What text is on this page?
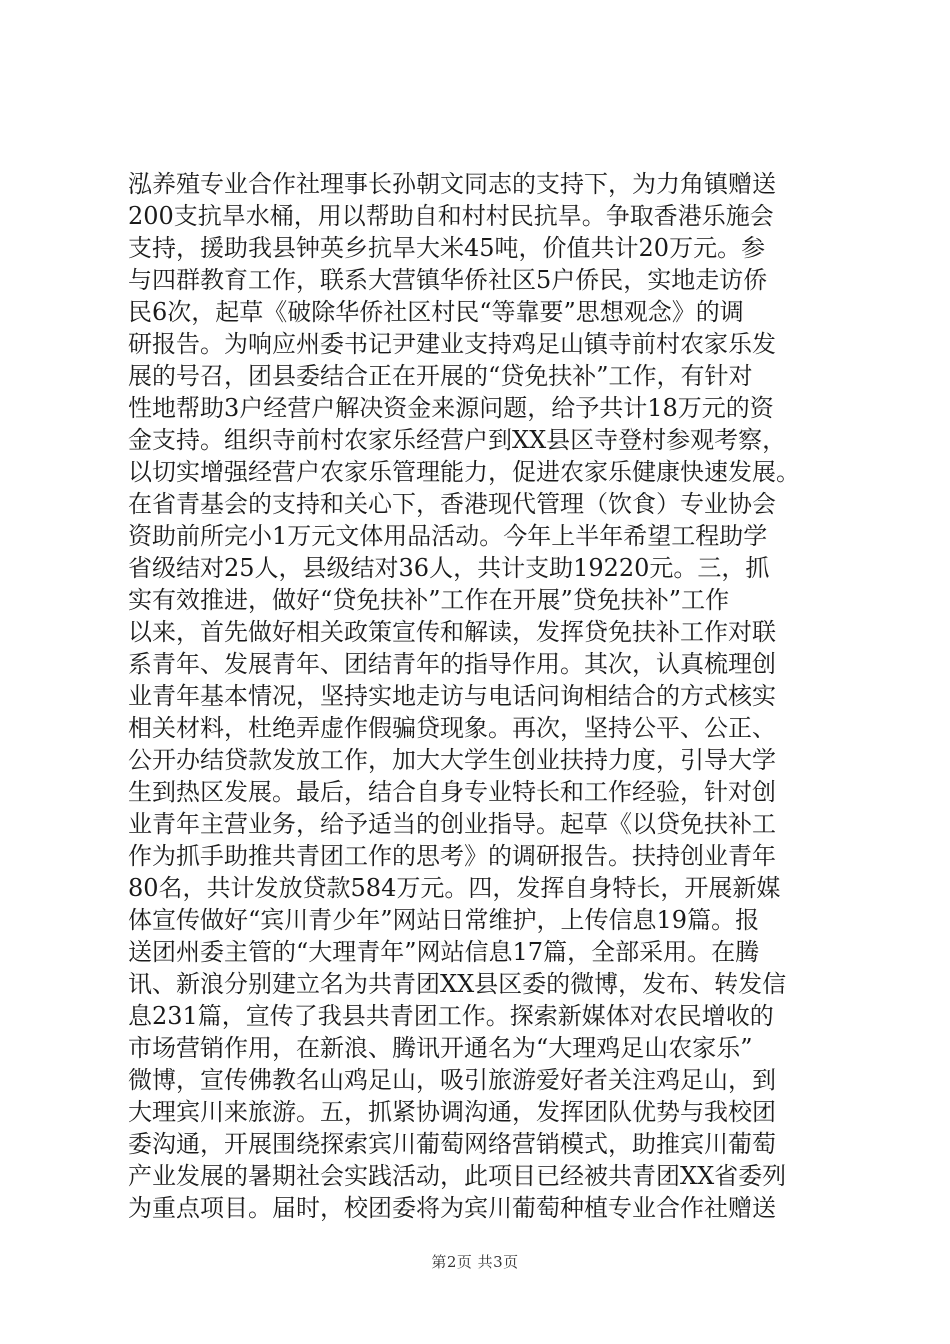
泓养殖专业合作社理事长孙朝文同志的支持下，为力角镇赠送
200支抗旱水桶，用以帮助自和村村民抗旱。争取香港乐施会
支持，援助我县钟英乡抗旱大米45吨，价值共计20万元。参
与四群教育工作，联系大营镇华侨社区5户侨民，实地走访侨
民6次，起草《破除华侨社区村民“等靠要”思想观念》的调
研报告。为响应州委书记尹建业支持鸡足山镇寺前村农家乐发
展的号召，团县委结合正在开展的“贷免扶补”工作，有针对
性地帮助3户经营户解决资金来源问题，给予共计18万元的资
金支持。组织寺前村农家乐经营户到XX县区寺登村参观考察，
以切实增强经营户农家乐管理能力，促进农家乐健康快速发展。
在省青基会的支持和关心下，香港现代管理（饮食）专业协会
资助前所完小1万元文体用品活动。今年上半年希望工程助学
省级结对25人，县级结对36人，共计支助19220元。三，抓
实有效推进，做好“贷免扶补”工作在开展”贷免扶补”工作
以来，首先做好相关政策宣传和解读，发挥贷免扶补工作对联
系青年、发展青年、团结青年的指导作用。其次，认真梳理创
业青年基本情况，坚持实地走访与电话问询相结合的方式核实
相关材料，杜绝弄虚作假骗贷现象。再次，坚持公平、公正、
公开办结贷款发放工作，加大大学生创业扶持力度，引导大学
生到热区发展。最后，结合自身专业特长和工作经验，针对创
业青年主营业务，给予适当的创业指导。起草《以贷免扶补工
作为抓手助推共青团工作的思考》的调研报告。扶持创业青年
80名，共计发放贷款584万元。四，发挥自身特长，开展新媒
体宣传做好“宾川青少年”网站日常维护，上传信息19篇。报
送团州委主管的“大理青年”网站信息17篇，全部采用。在腾
讯、新浪分别建立名为共青团XX县区委的微博，发布、转发信
息231篇，宣传了我县共青团工作。探索新媒体对农民增收的
市场营销作用，在新浪、腾讯开通名为“大理鸡足山农家乐”
微博，宣传佛教名山鸡足山，吸引旅游爱好者关注鸡足山，到
大理宾川来旅游。五，抓紧协调沟通，发挥团队优势与我校团
委沟通，开展围绕探索宾川葡萄网络营销模式，助推宾川葡萄
产业发展的暑期社会实践活动，此项目已经被共青团XX省委列
为重点项目。届时，校团委将为宾川葡萄种植专业合作社赠送
第2页 共3页
